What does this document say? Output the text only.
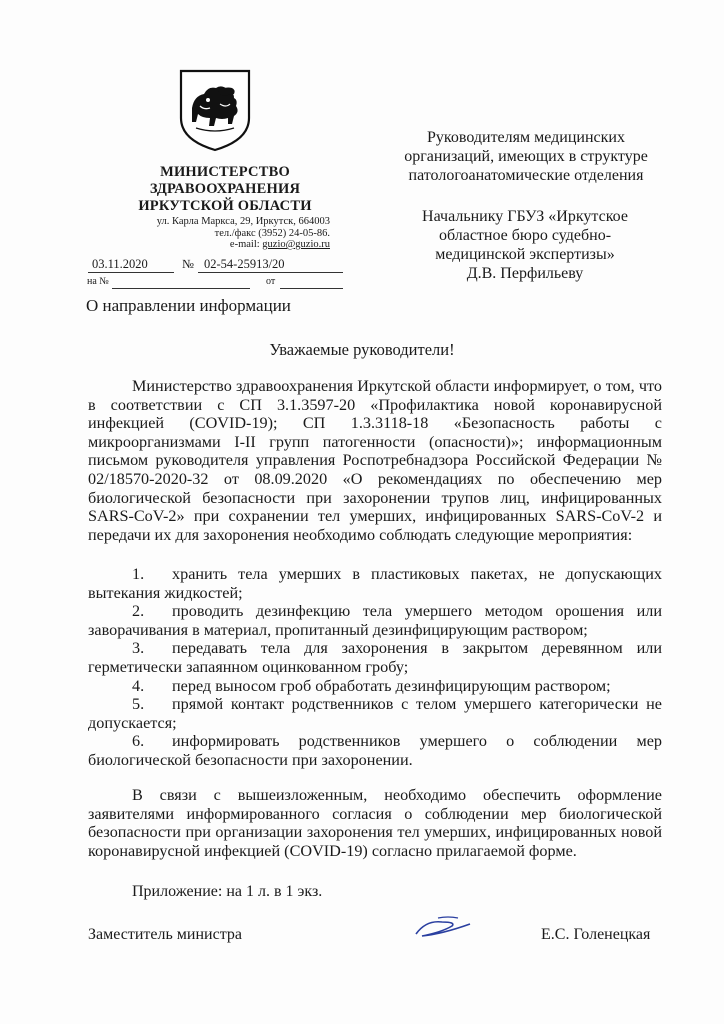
МИНИСТЕРСТВО
ЗДРАВООХРАНЕНИЯ
ИРКУТСКОЙ ОБЛАСТИ
ул. Карла Маркса, 29, Иркутск, 664003
тел./факс (3952) 24-05-86.
e-mail: guzio@guzio.ru
03.11.2020	№ 02-54-25913/20
на №	от
О направлении информации
Руководителям медицинских
организаций, имеющих в структуре
патологоанатомические отделения
Начальнику ГБУЗ «Иркутское
областное бюро судебно-
медицинской экспертизы»
Д.В. Перфильеву
Уважаемые руководители!

Министерство здравоохранения Иркутской области информирует, о том, что в соответствии с СП 3.1.3597-20 «Профилактика новой коронавирусной инфекцией (COVID-19); СП 1.3.3118-18 «Безопасность работы с микроорганизмами I-II групп патогенности (опасности)»; информационным письмом руководителя управления Роспотребнадзора Российской Федерации № 02/18570-2020-32 от 08.09.2020 «О рекомендациях по обеспечению мер биологической безопасности при захоронении трупов лиц, инфицированных SARS-CoV-2» при сохранении тел умерших, инфицированных SARS-CoV-2 и передачи их для захоронения необходимо соблюдать следующие мероприятия:

1. хранить тела умерших в пластиковых пакетах, не допускающих вытекания жидкостей;

2. проводить дезинфекцию тела умершего методом орошения или заворачивания в материал, пропитанный дезинфицирующим раствором;

3. передавать тела для захоронения в закрытом деревянном или герметически запаянном оцинкованном гробу;

4. перед выносом гроб обработать дезинфицирующим раствором;

5. прямой контакт родственников с телом умершего категорически не допускается;

6. информировать родственников умершего о соблюдении мер биологической безопасности при захоронении.

В связи с вышеизложенным, необходимо обеспечить оформление заявителями информированного согласия о соблюдении мер биологической безопасности при организации захоронения тел умерших, инфицированных новой коронавирусной инфекцией (COVID-19) согласно прилагаемой форме.

Приложение: на 1 л. в 1 экз.
Заместитель министра	Е.С. Голенецкая
